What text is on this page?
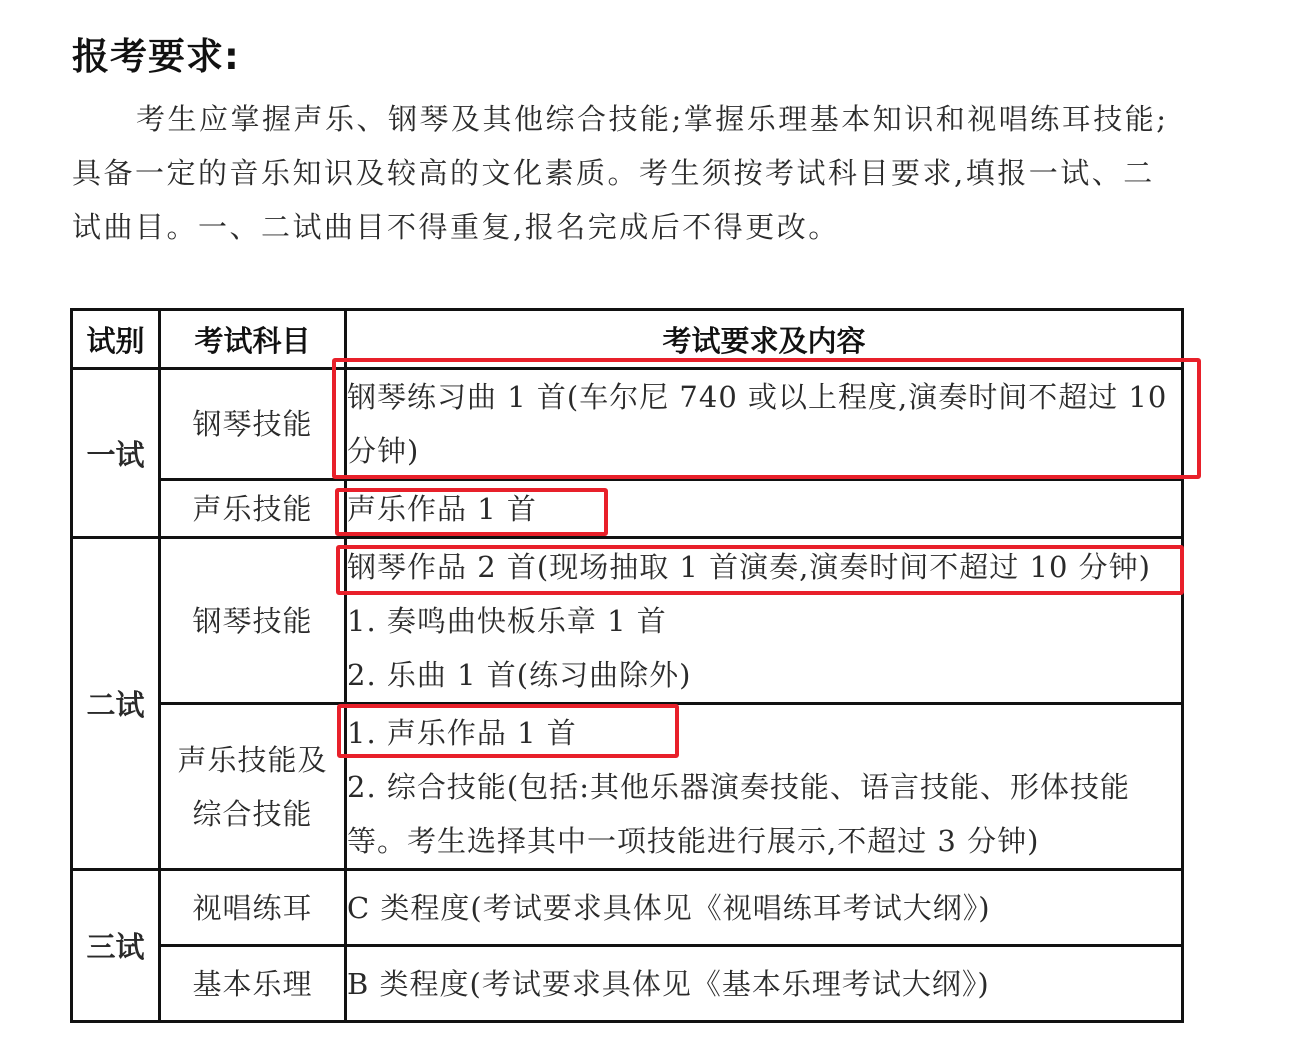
报考要求:

考生应掌握声乐、钢琴及其他综合技能;掌握乐理基本知识和视唱练耳技能;具备一定的音乐知识及较高的文化素质。考生须按考试科目要求,填报一试、二试曲目。一、二试曲目不得重复,报名完成后不得更改。

试别	考试科目	考试要求及内容
一试	钢琴技能	钢琴练习曲 1 首(车尔尼 740 或以上程度,演奏时间不超过 10 分钟)

	声乐技能	声乐作品 1 首

二试	钢琴技能	钢琴作品 2 首(现场抽取 1 首演奏,演奏时间不超过 10 分钟)
1. 奏鸣曲快板乐章 1 首
2. 乐曲 1 首(练习曲除外)

	声乐技能及
综合技能	1. 声乐作品 1 首
2. 综合技能(包括:其他乐器演奏技能、语言技能、形体技能等。考生选择其中一项技能进行展示,不超过 3 分钟)

三试	视唱练耳	C 类程度(考试要求具体见《视唱练耳考试大纲》)

	基本乐理	B 类程度(考试要求具体见《基本乐理考试大纲》)
